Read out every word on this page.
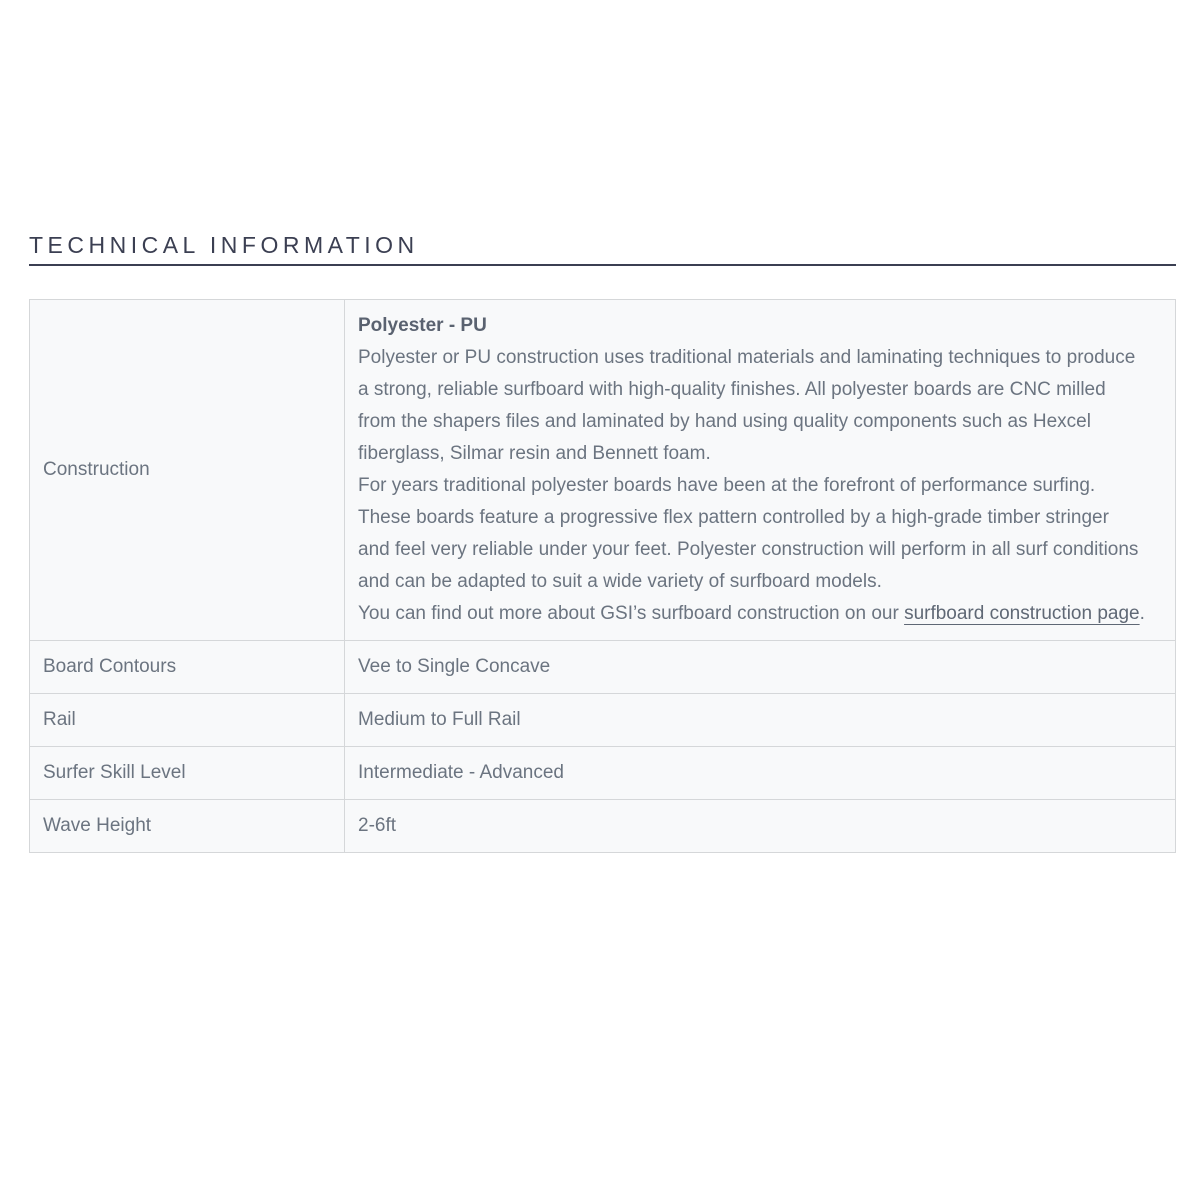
TECHNICAL INFORMATION
Construction	Polyester - PU

Polyester or PU construction uses traditional materials and laminating techniques to produce a strong, reliable surfboard with high-quality finishes. All polyester boards are CNC milled from the shapers files and laminated by hand using quality components such as Hexcel fiberglass, Silmar resin and Bennett foam.

For years traditional polyester boards have been at the forefront of performance surfing. These boards feature a progressive flex pattern controlled by a high-grade timber stringer and feel very reliable under your feet. Polyester construction will perform in all surf conditions and can be adapted to suit a wide variety of surfboard models.

You can find out more about GSI’s surfboard construction on our surfboard construction page.

Board Contours	Vee to Single Concave
Rail	Medium to Full Rail
Surfer Skill Level	Intermediate - Advanced
Wave Height	2-6ft
